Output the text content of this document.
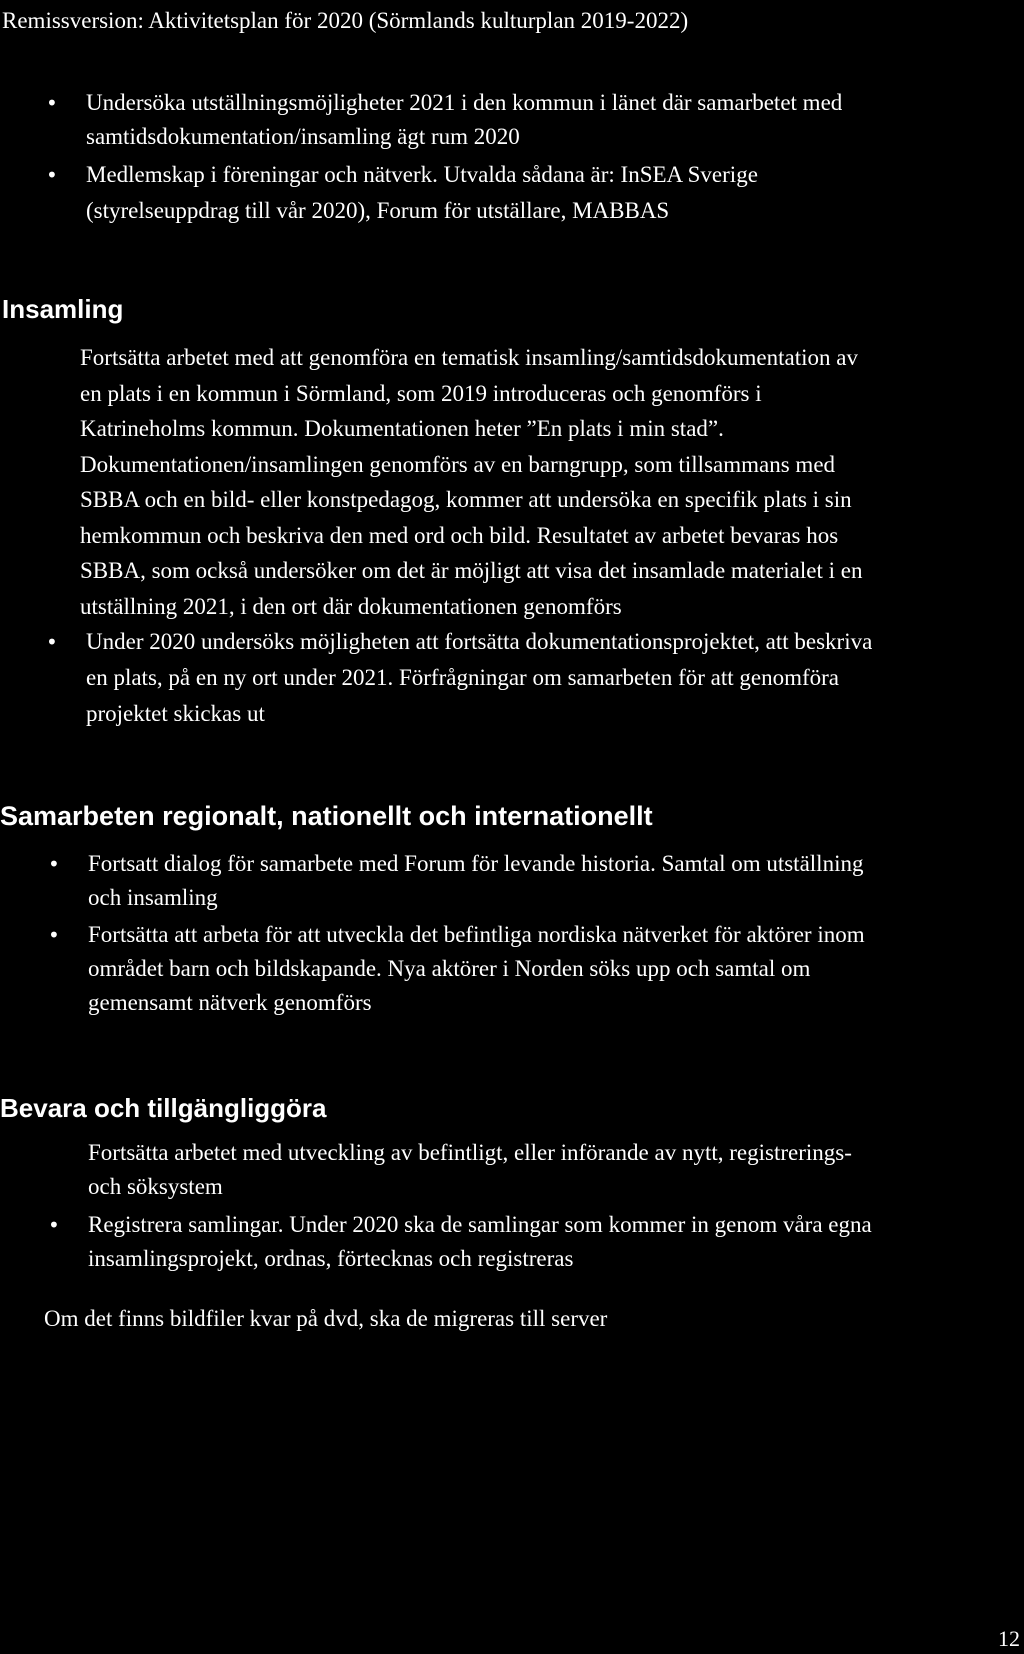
Remissversion: Aktivitetsplan för 2020 (Sörmlands kulturplan 2019-2022)
• Undersöka utställningsmöjligheter 2021 i den kommun i länet där samarbetet med
samtidsdokumentation/insamling ägt rum 2020
• Medlemskap i föreningar och nätverk. Utvalda sådana är: InSEA Sverige
(styrelseuppdrag till vår 2020), Forum för utställare, MABBAS
Insamling
Fortsätta arbetet med att genomföra en tematisk insamling/samtidsdokumentation av
en plats i en kommun i Sörmland, som 2019 introduceras och genomförs i
Katrineholms kommun. Dokumentationen heter ”En plats i min stad”.
Dokumentationen/insamlingen genomförs av en barngrupp, som tillsammans med
SBBA och en bild- eller konstpedagog, kommer att undersöka en specifik plats i sin
hemkommun och beskriva den med ord och bild. Resultatet av arbetet bevaras hos
SBBA, som också undersöker om det är möjligt att visa det insamlade materialet i en
utställning 2021, i den ort där dokumentationen genomförs
• Under 2020 undersöks möjligheten att fortsätta dokumentationsprojektet, att beskriva
en plats, på en ny ort under 2021. Förfrågningar om samarbeten för att genomföra
projektet skickas ut
Samarbeten regionalt, nationellt och internationellt
• Fortsatt dialog för samarbete med Forum för levande historia. Samtal om utställning
och insamling
• Fortsätta att arbeta för att utveckla det befintliga nordiska nätverket för aktörer inom
området barn och bildskapande. Nya aktörer i Norden söks upp och samtal om
gemensamt nätverk genomförs
Bevara och tillgängliggöra
Fortsätta arbetet med utveckling av befintligt, eller införande av nytt, registrerings-
och söksystem
• Registrera samlingar. Under 2020 ska de samlingar som kommer in genom våra egna
insamlingsprojekt, ordnas, förtecknas och registreras
Om det finns bildfiler kvar på dvd, ska de migreras till server
12
